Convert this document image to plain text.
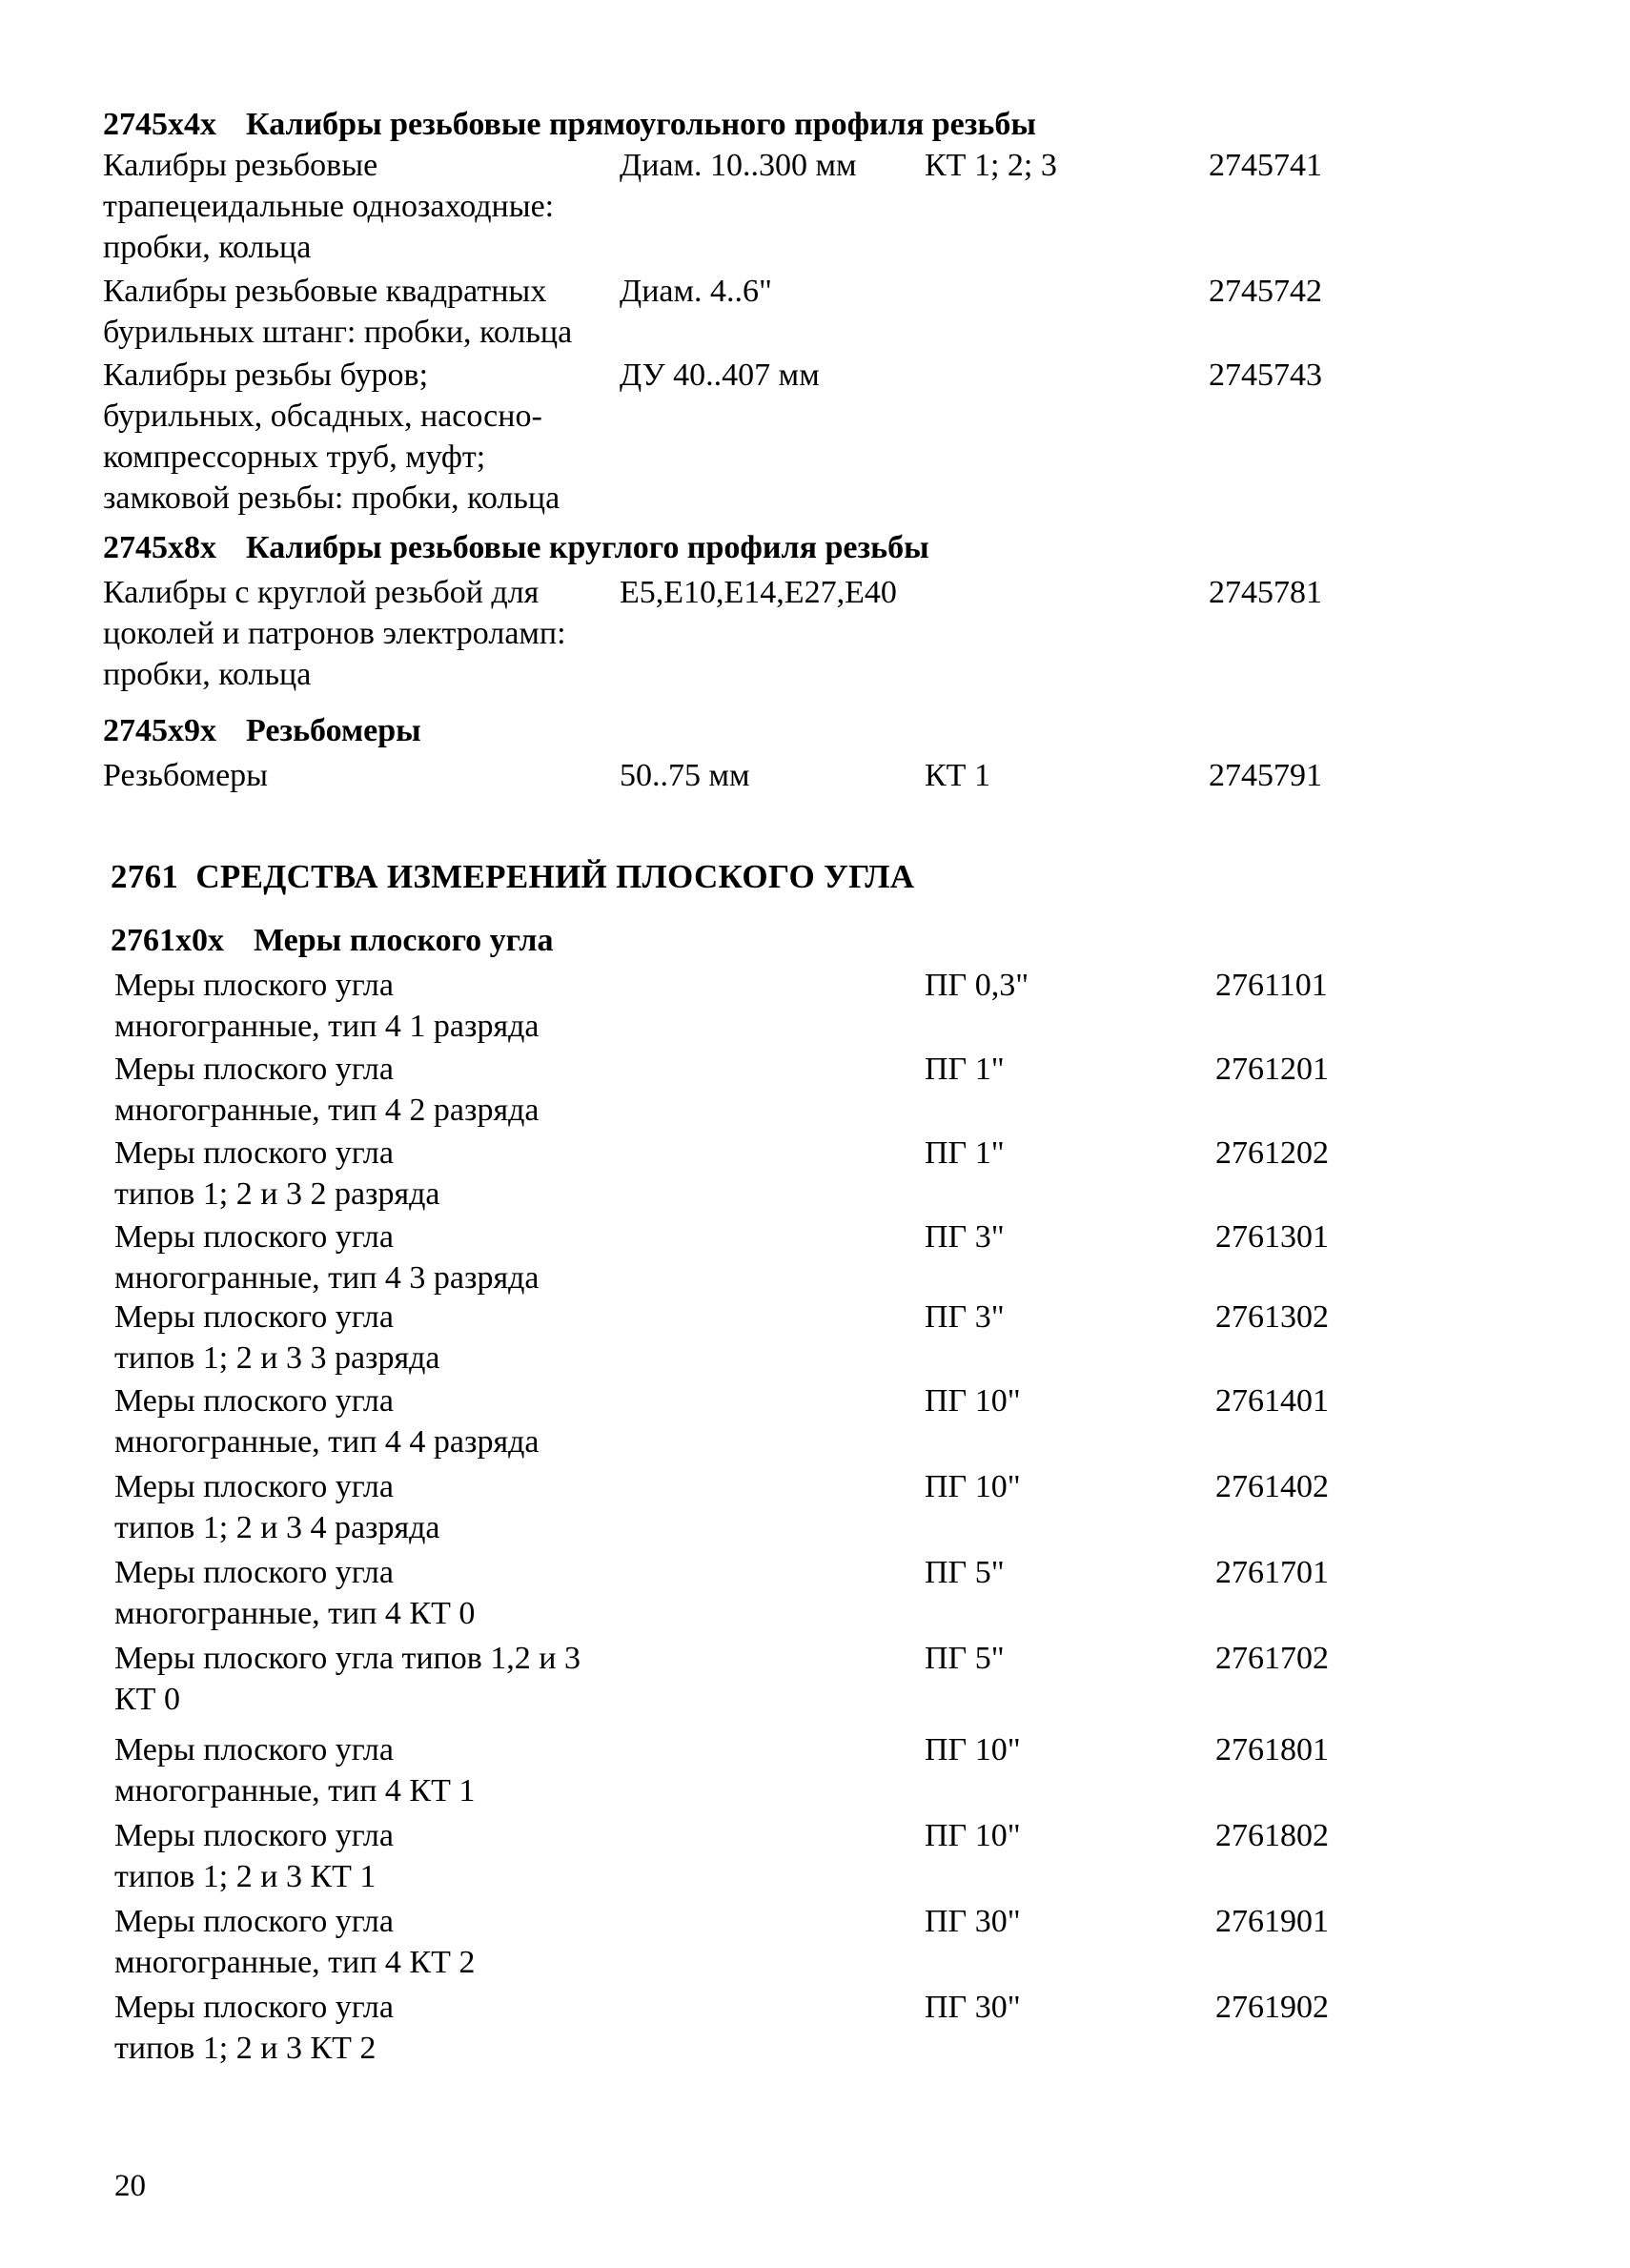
2745х4х Калибры резьбовые прямоугольного профиля резьбы
Калибры резьбовые
трапецеидальные однозаходные:
пробки, кольца
Диам. 10..300 мм	КТ 1; 2; 3	2745741
Калибры резьбовые квадратных
бурильных штанг: пробки, кольца
Диам. 4..6"	2745742
Калибры резьбы буров;
бурильных, обсадных, насосно-
компрессорных труб, муфт;
замковой резьбы: пробки, кольца
ДУ 40..407 мм	2745743
2745х8х Калибры резьбовые круглого профиля резьбы
Калибры с круглой резьбой для
цоколей и патронов электроламп:
пробки, кольца
Е5,Е10,Е14,Е27,Е40	2745781
2745х9х Резьбомеры
Резьбомеры	50..75 мм	КТ 1	2745791
2761 СРЕДСТВА ИЗМЕРЕНИЙ ПЛОСКОГО УГЛА
2761х0х Меры плоского угла
Меры плоского угла
многогранные, тип 4 1 разряда
ПГ 0,3"	2761101
Меры плоского угла
многогранные, тип 4 2 разряда
ПГ 1"	2761201
Меры плоского угла
типов 1; 2 и 3 2 разряда
ПГ 1"	2761202
Меры плоского угла
многогранные, тип 4 3 разряда
ПГ 3"	2761301
Меры плоского угла
типов 1; 2 и 3 3 разряда
ПГ 3"	2761302
Меры плоского угла
многогранные, тип 4 4 разряда
ПГ 10"	2761401
Меры плоского угла
типов 1; 2 и 3 4 разряда
ПГ 10"	2761402
Меры плоского угла
многогранные, тип 4 КТ 0
ПГ 5"	2761701
Меры плоского угла типов 1,2 и 3
КТ 0
ПГ 5"	2761702
Меры плоского угла
многогранные, тип 4 КТ 1
ПГ 10"	2761801
Меры плоского угла
типов 1; 2 и 3 КТ 1
ПГ 10"	2761802
Меры плоского угла
многогранные, тип 4 КТ 2
ПГ 30"	2761901
Меры плоского угла
типов 1; 2 и 3 КТ 2
ПГ 30"	2761902
20
